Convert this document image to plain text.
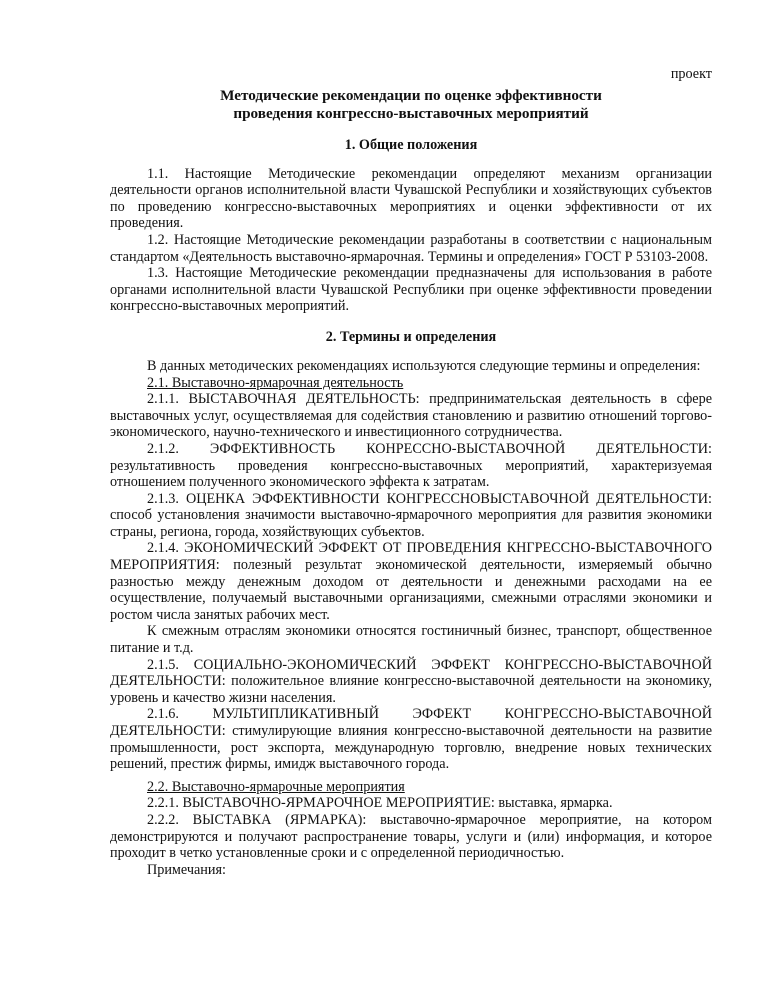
проект
Методические рекомендации по оценке эффективности
проведения конгрессно-выставочных мероприятий
1. Общие положения

1.1. Настоящие Методические рекомендации определяют механизм организации деятельности органов исполнительной власти Чувашской Республики и хозяйствующих субъектов по проведению конгрессно-выставочных мероприятиях и оценки эффективности от их проведения.

1.2. Настоящие Методические рекомендации разработаны в соответствии с национальным стандартом «Деятельность выставочно-ярмарочная. Термины и определения» ГОСТ Р 53103-2008.

1.3. Настоящие Методические рекомендации предназначены для использования в работе органами исполнительной власти Чувашской Республики при оценке эффективности проведении конгрессно-выставочных мероприятий.

2. Термины и определения

В данных методических рекомендациях используются следующие термины и определения:

2.1. Выставочно-ярмарочная деятельность

2.1.1. ВЫСТАВОЧНАЯ ДЕЯТЕЛЬНОСТЬ: предпринимательская деятельность в сфере выставочных услуг, осуществляемая для содействия становлению и развитию отношений торгово-экономического, научно-технического и инвестиционного сотрудничества.

2.1.2. ЭФФЕКТИВНОСТЬ КОНРЕССНО-ВЫСТАВОЧНОЙ ДЕЯТЕЛЬНОСТИ: результативность проведения конгрессно-выставочных мероприятий, характеризуемая отношением полученного экономического эффекта к затратам.

2.1.3. ОЦЕНКА ЭФФЕКТИВНОСТИ КОНГРЕССНОВЫСТАВОЧНОЙ ДЕЯТЕЛЬНОСТИ: способ установления значимости выставочно-ярмарочного мероприятия для развития экономики страны, региона, города, хозяйствующих субъектов.

2.1.4. ЭКОНОМИЧЕСКИЙ ЭФФЕКТ ОТ ПРОВЕДЕНИЯ КНГРЕССНО-ВЫСТАВОЧНОГО МЕРОПРИЯТИЯ: полезный результат экономической деятельности, измеряемый обычно разностью между денежным доходом от деятельности и денежными расходами на ее осуществление, получаемый выставочными организациями, смежными отраслями экономики и ростом числа занятых рабочих мест.

К смежным отраслям экономики относятся гостиничный бизнес, транспорт, общественное питание и т.д.

2.1.5. СОЦИАЛЬНО-ЭКОНОМИЧЕСКИЙ ЭФФЕКТ КОНГРЕССНО-ВЫСТАВОЧНОЙ ДЕЯТЕЛЬНОСТИ: положительное влияние конгрессно-выставочной деятельности на экономику, уровень и качество жизни населения.

2.1.6. МУЛЬТИПЛИКАТИВНЫЙ ЭФФЕКТ КОНГРЕССНО-ВЫСТАВОЧНОЙ ДЕЯТЕЛЬНОСТИ: стимулирующие влияния конгрессно-выставочной деятельности на развитие промышленности, рост экспорта, международную торговлю, внедрение новых технических решений, престиж фирмы, имидж выставочного города.

2.2. Выставочно-ярмарочные мероприятия

2.2.1. ВЫСТАВОЧНО-ЯРМАРОЧНОЕ МЕРОПРИЯТИЕ: выставка, ярмарка.

2.2.2. ВЫСТАВКА (ЯРМАРКА): выставочно-ярмарочное мероприятие, на котором демонстрируются и получают распространение товары, услуги и (или) информация, и которое проходит в четко установленные сроки и с определенной периодичностью.

Примечания:
